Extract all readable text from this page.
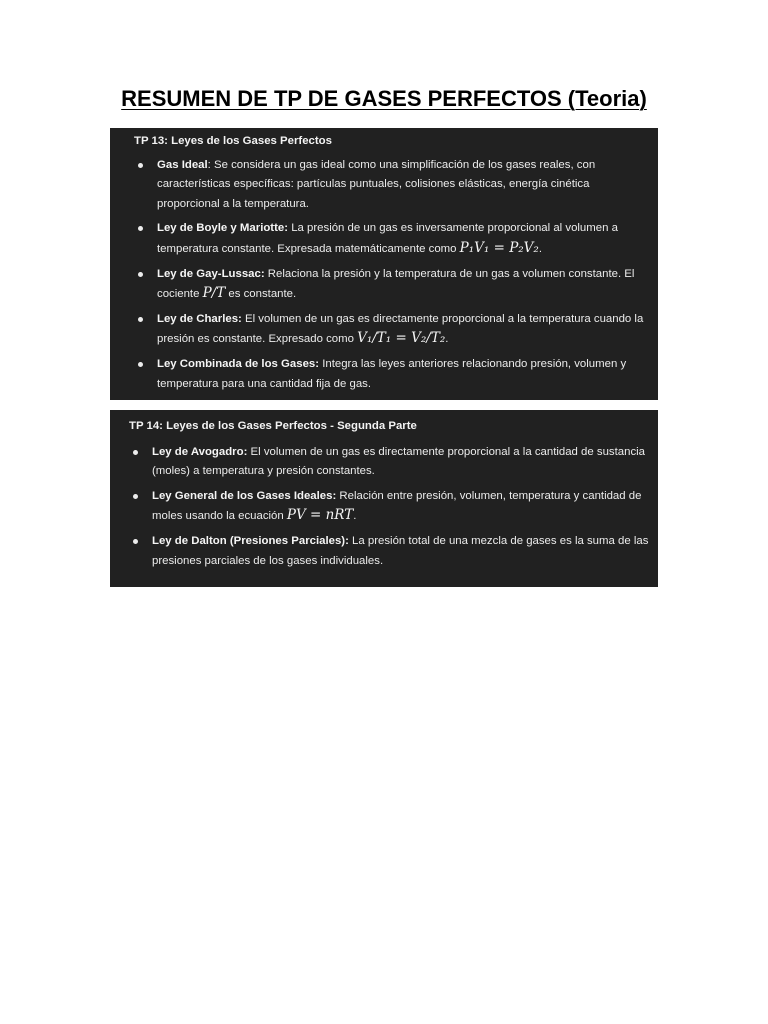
RESUMEN DE TP DE GASES PERFECTOS (Teoria)
TP 13: Leyes de los Gases Perfectos
Gas Ideal: Se considera un gas ideal como una simplificación de los gases reales, con características específicas: partículas puntuales, colisiones elásticas, energía cinética proporcional a la temperatura.
Ley de Boyle y Mariotte: La presión de un gas es inversamente proporcional al volumen a temperatura constante. Expresada matemáticamente como P₁V₁ = P₂V₂.
Ley de Gay-Lussac: Relaciona la presión y la temperatura de un gas a volumen constante. El cociente P/T es constante.
Ley de Charles: El volumen de un gas es directamente proporcional a la temperatura cuando la presión es constante. Expresado como V₁/T₁ = V₂/T₂.
Ley Combinada de los Gases: Integra las leyes anteriores relacionando presión, volumen y temperatura para una cantidad fija de gas.
TP 14: Leyes de los Gases Perfectos - Segunda Parte
Ley de Avogadro: El volumen de un gas es directamente proporcional a la cantidad de sustancia (moles) a temperatura y presión constantes.
Ley General de los Gases Ideales: Relación entre presión, volumen, temperatura y cantidad de moles usando la ecuación PV = nRT.
Ley de Dalton (Presiones Parciales): La presión total de una mezcla de gases es la suma de las presiones parciales de los gases individuales.
